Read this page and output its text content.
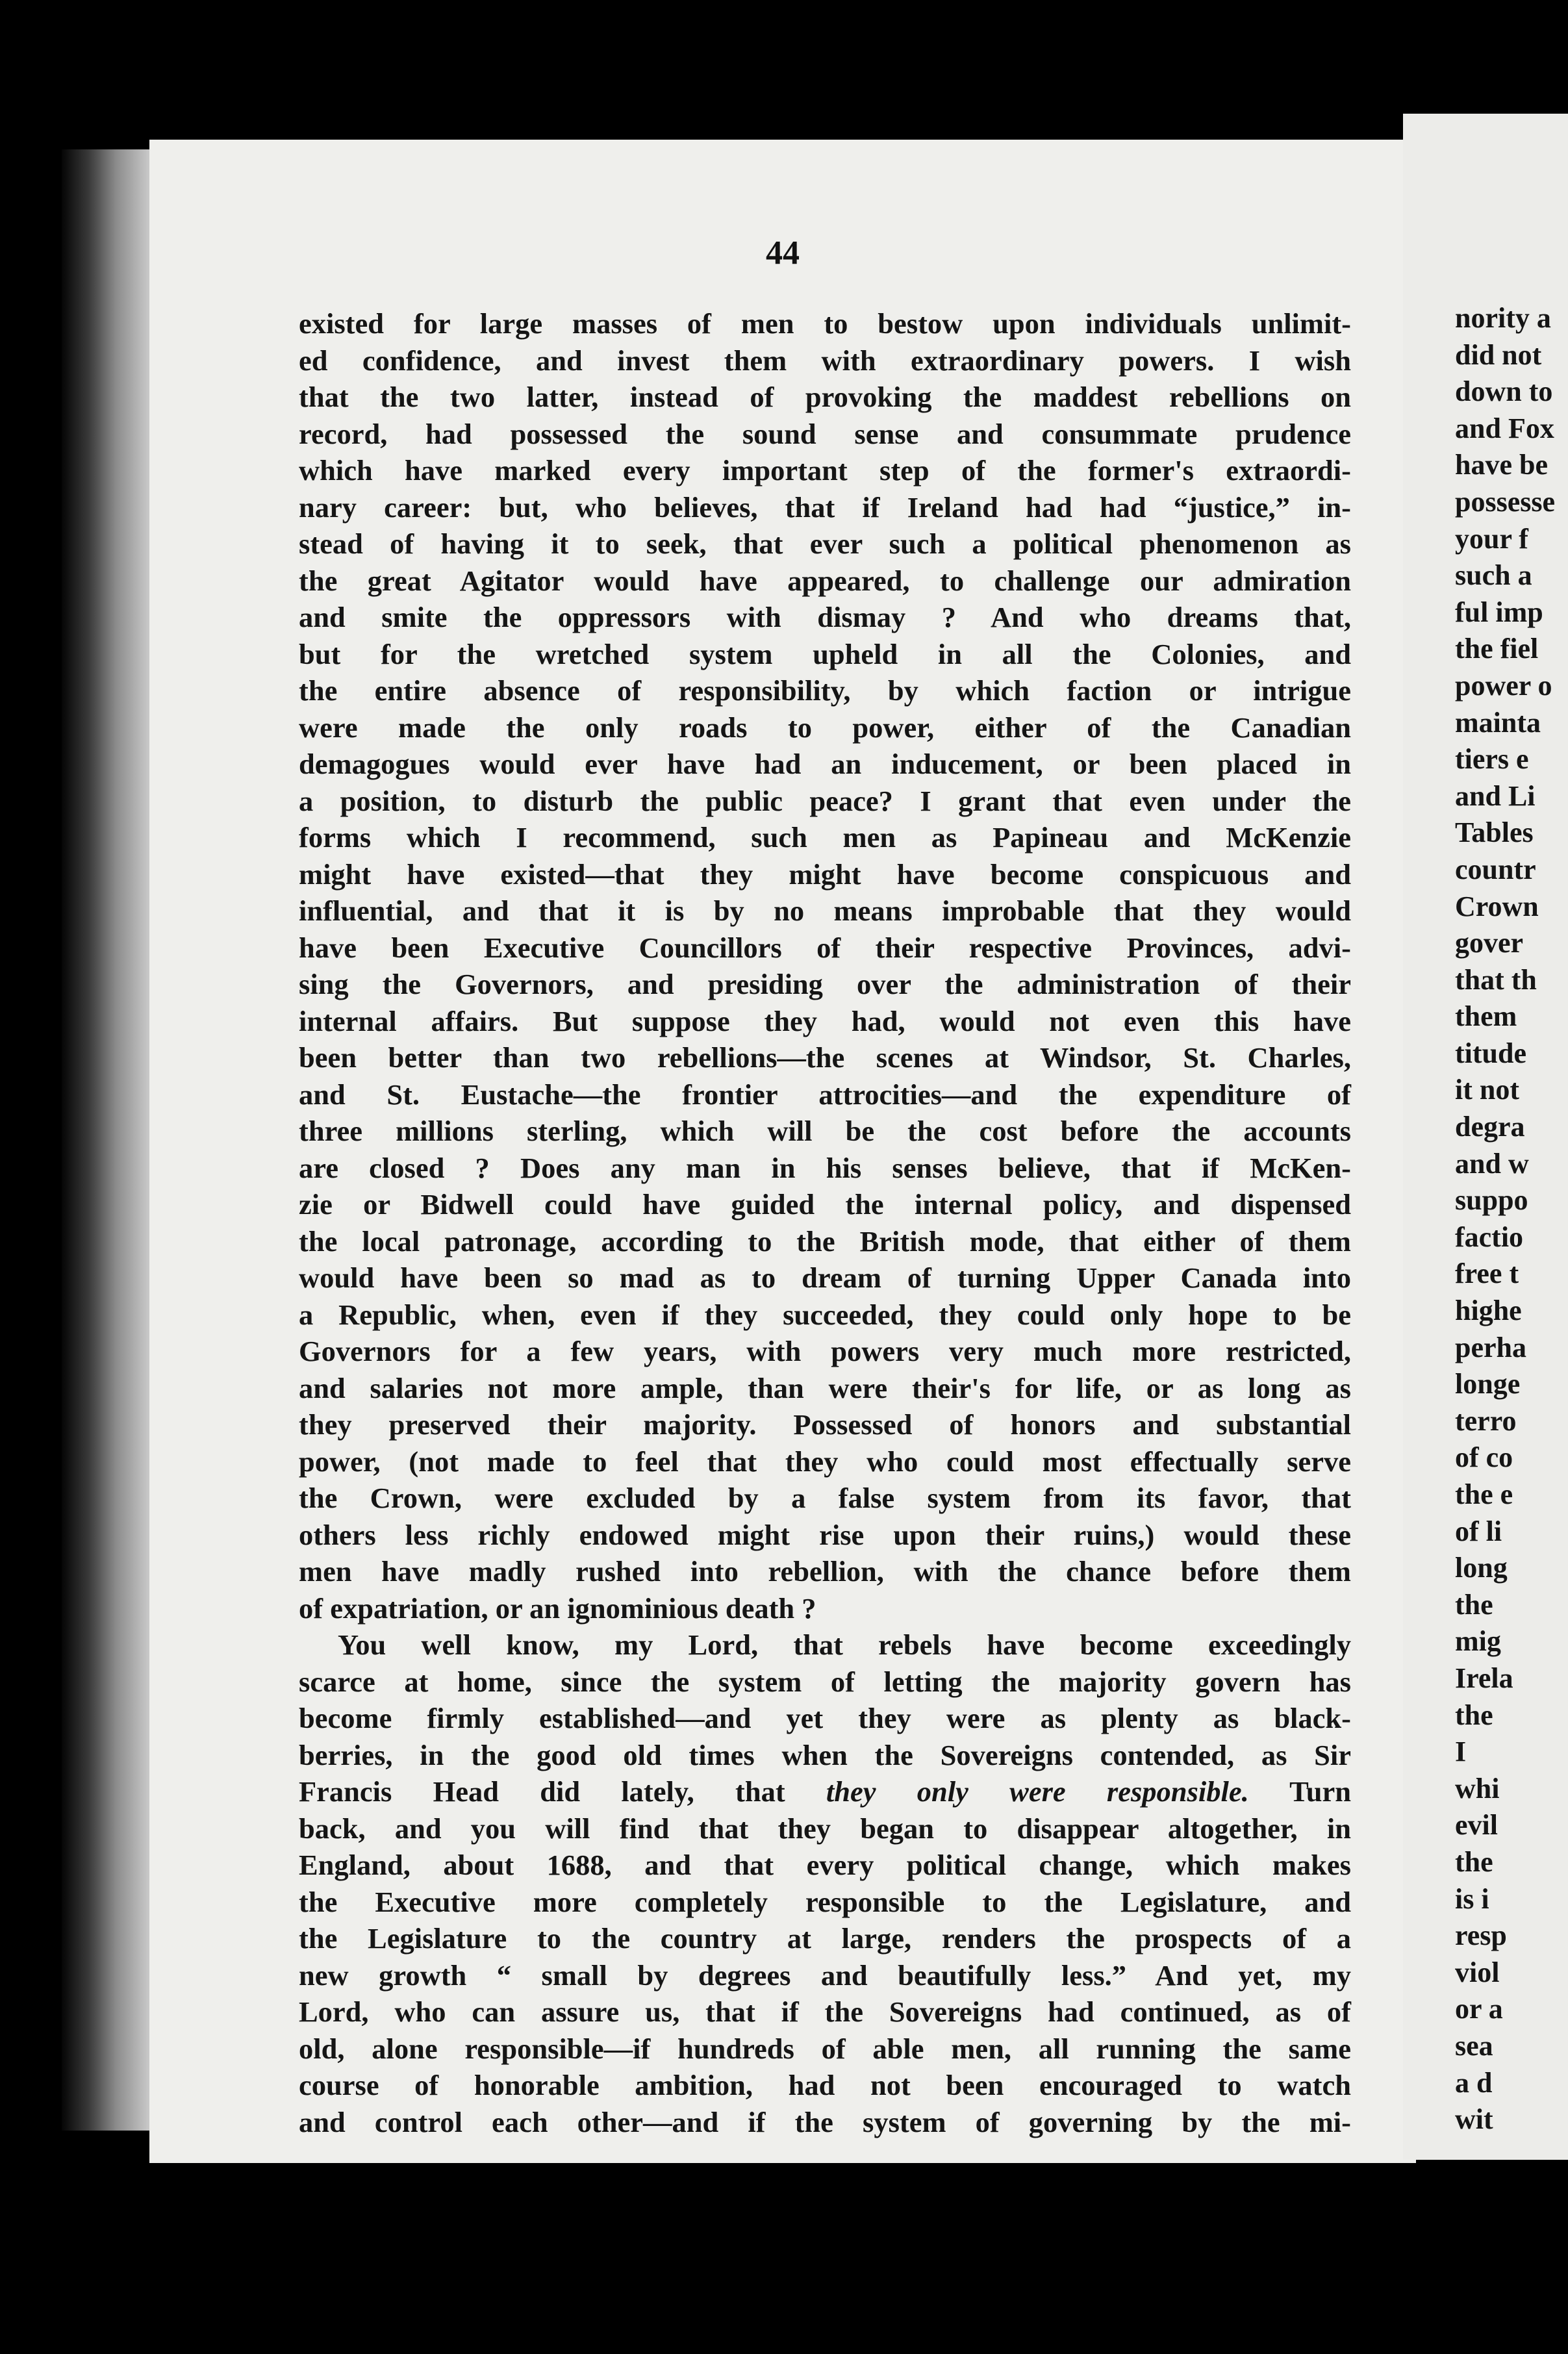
44
existed for large masses of men to bestow upon individuals unlimit-
ed confidence, and invest them with extraordinary powers. I wish
that the two latter, instead of provoking the maddest rebellions on
record, had possessed the sound sense and consummate prudence
which have marked every important step of the former's extraordi-
nary career: but, who believes, that if Ireland had had “justice,” in-
stead of having it to seek, that ever such a political phenomenon as
the great Agitator would have appeared, to challenge our admiration
and smite the oppressors with dismay ? And who dreams that,
but for the wretched system upheld in all the Colonies, and
the entire absence of responsibility, by which faction or intrigue
were made the only roads to power, either of the Canadian
demagogues would ever have had an inducement, or been placed in
a position, to disturb the public peace? I grant that even under the
forms which I recommend, such men as Papineau and McKenzie
might have existed—that they might have become conspicuous and
influential, and that it is by no means improbable that they would
have been Executive Councillors of their respective Provinces, advi-
sing the Governors, and presiding over the administration of their
internal affairs. But suppose they had, would not even this have
been better than two rebellions—the scenes at Windsor, St. Charles,
and St. Eustache—the frontier attrocities—and the expenditure of
three millions sterling, which will be the cost before the accounts
are closed ? Does any man in his senses believe, that if McKen-
zie or Bidwell could have guided the internal policy, and dispensed
the local patronage, according to the British mode, that either of them
would have been so mad as to dream of turning Upper Canada into
a Republic, when, even if they succeeded, they could only hope to be
Governors for a few years, with powers very much more restricted,
and salaries not more ample, than were their's for life, or as long as
they preserved their majority. Possessed of honors and substantial
power, (not made to feel that they who could most effectually serve
the Crown, were excluded by a false system from its favor, that
others less richly endowed might rise upon their ruins,) would these
men have madly rushed into rebellion, with the chance before them
of expatriation, or an ignominious death ?
You well know, my Lord, that rebels have become exceedingly
scarce at home, since the system of letting the majority govern has
become firmly established—and yet they were as plenty as black-
berries, in the good old times when the Sovereigns contended, as Sir
Francis Head did lately, that they only were responsible. Turn
back, and you will find that they began to disappear altogether, in
England, about 1688, and that every political change, which makes
the Executive more completely responsible to the Legislature, and
the Legislature to the country at large, renders the prospects of a
new growth “ small by degrees and beautifully less.” And yet, my
Lord, who can assure us, that if the Sovereigns had continued, as of
old, alone responsible—if hundreds of able men, all running the same
course of honorable ambition, had not been encouraged to watch
and control each other—and if the system of governing by the mi-
nority a
did not
down to
and Fox
have be
possesse
your f
such a
ful imp
the fiel
power o
mainta
tiers e
and Li
Tables
countr
Crown
gover
that th
them
titude
it not
degra
and w
suppo
factio
free t
highe
perha
longe
terro
of co
the e
of li
long
the
mig
Irela
the
I
whi
evil
the
is i
resp
viol
or a
sea
a d
wit
